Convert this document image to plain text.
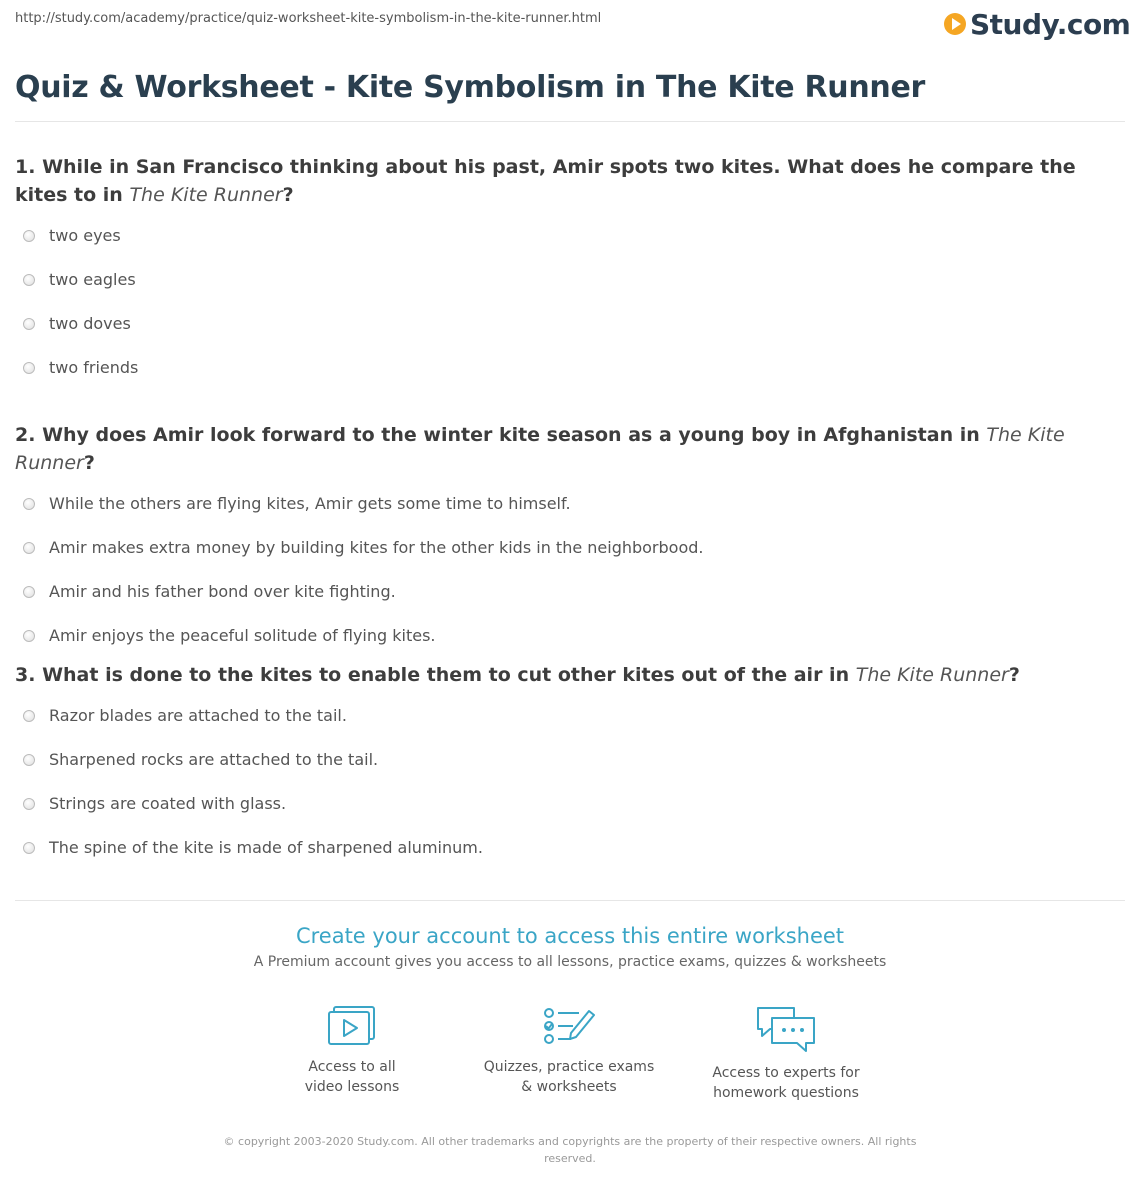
http://study.com/academy/practice/quiz-worksheet-kite-symbolism-in-the-kite-runner.html	Study.com
Quiz & Worksheet - Kite Symbolism in The Kite Runner
1. While in San Francisco thinking about his past, Amir spots two kites. What does he compare the kites to in The Kite Runner?
two eyes
two eagles
two doves
two friends
2. Why does Amir look forward to the winter kite season as a young boy in Afghanistan in The Kite Runner?
While the others are flying kites, Amir gets some time to himself.
Amir makes extra money by building kites for the other kids in the neighborbood.
Amir and his father bond over kite fighting.
Amir enjoys the peaceful solitude of flying kites.
3. What is done to the kites to enable them to cut other kites out of the air in The Kite Runner?
Razor blades are attached to the tail.
Sharpened rocks are attached to the tail.
Strings are coated with glass.
The spine of the kite is made of sharpened aluminum.
Create your account to access this entire worksheet
A Premium account gives you access to all lessons, practice exams, quizzes & worksheets
Access to all
video lessons
Quizzes, practice exams
& worksheets
Access to experts for
homework questions
© copyright 2003-2020 Study.com. All other trademarks and copyrights are the property of their respective owners. All rights reserved.
